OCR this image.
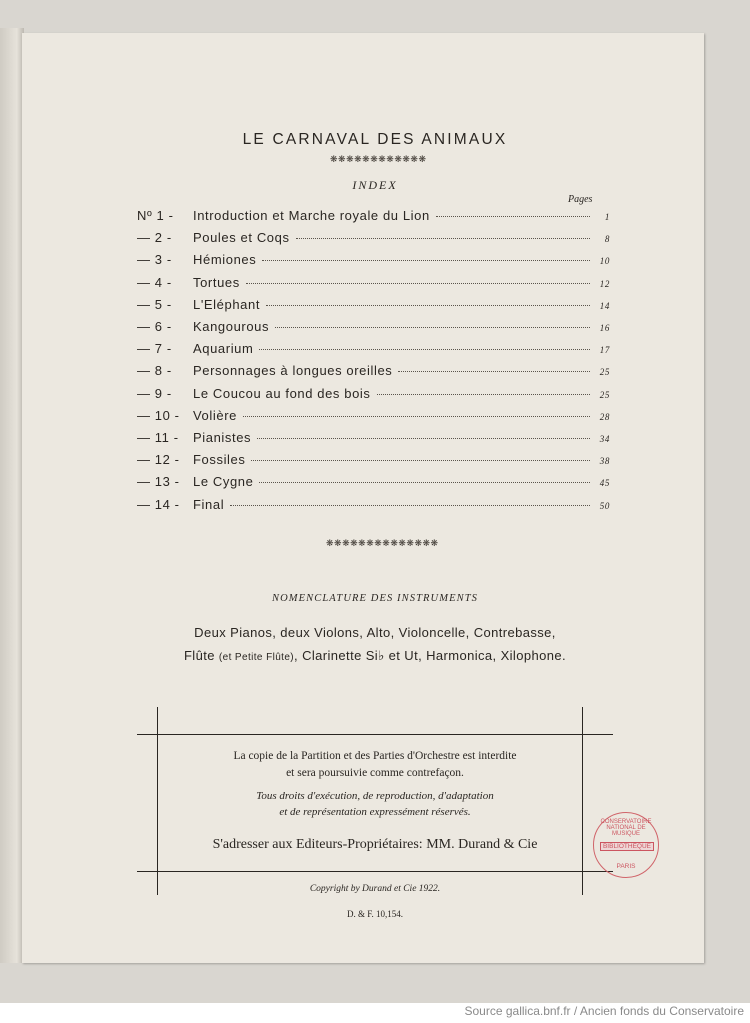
LE CARNAVAL DES ANIMAUX
❋❋❋❋❋❋❋❋❋❋❋❋
INDEX
Pages
Nº 1 -	Introduction et Marche royale du Lion	1
— 2 -	Poules et Coqs	8
— 3 -	Hémiones	10
— 4 -	Tortues	12
— 5 -	L'Eléphant	14
— 6 -	Kangourous	16
— 7 -	Aquarium	17
— 8 -	Personnages à longues oreilles	25
— 9 -	Le Coucou au fond des bois	25
— 10 -	Volière	28
— 11 -	Pianistes	34
— 12 -	Fossiles	38
— 13 -	Le Cygne	45
— 14 -	Final	50
❋❋❋❋❋❋❋❋❋❋❋❋❋❋
NOMENCLATURE DES INSTRUMENTS
Deux Pianos, deux Violons, Alto, Violoncelle, Contrebasse,
Flûte (et Petite Flûte), Clarinette Si♭ et Ut, Harmonica, Xilophone.
La copie de la Partition et des Parties d'Orchestre est interdite
et sera poursuivie comme contrefaçon.
Tous droits d'exécution, de reproduction, d'adaptation
et de représentation expressément réservés.
S'adresser aux Editeurs-Propriétaires: MM. Durand & Cie
Copyright by Durand et Cie 1922.
D. & F. 10,154.
CONSERVATOIRE NATIONAL DE MUSIQUE
BIBLIOTHÈQUE
PARIS
Source gallica.bnf.fr / Ancien fonds du Conservatoire
